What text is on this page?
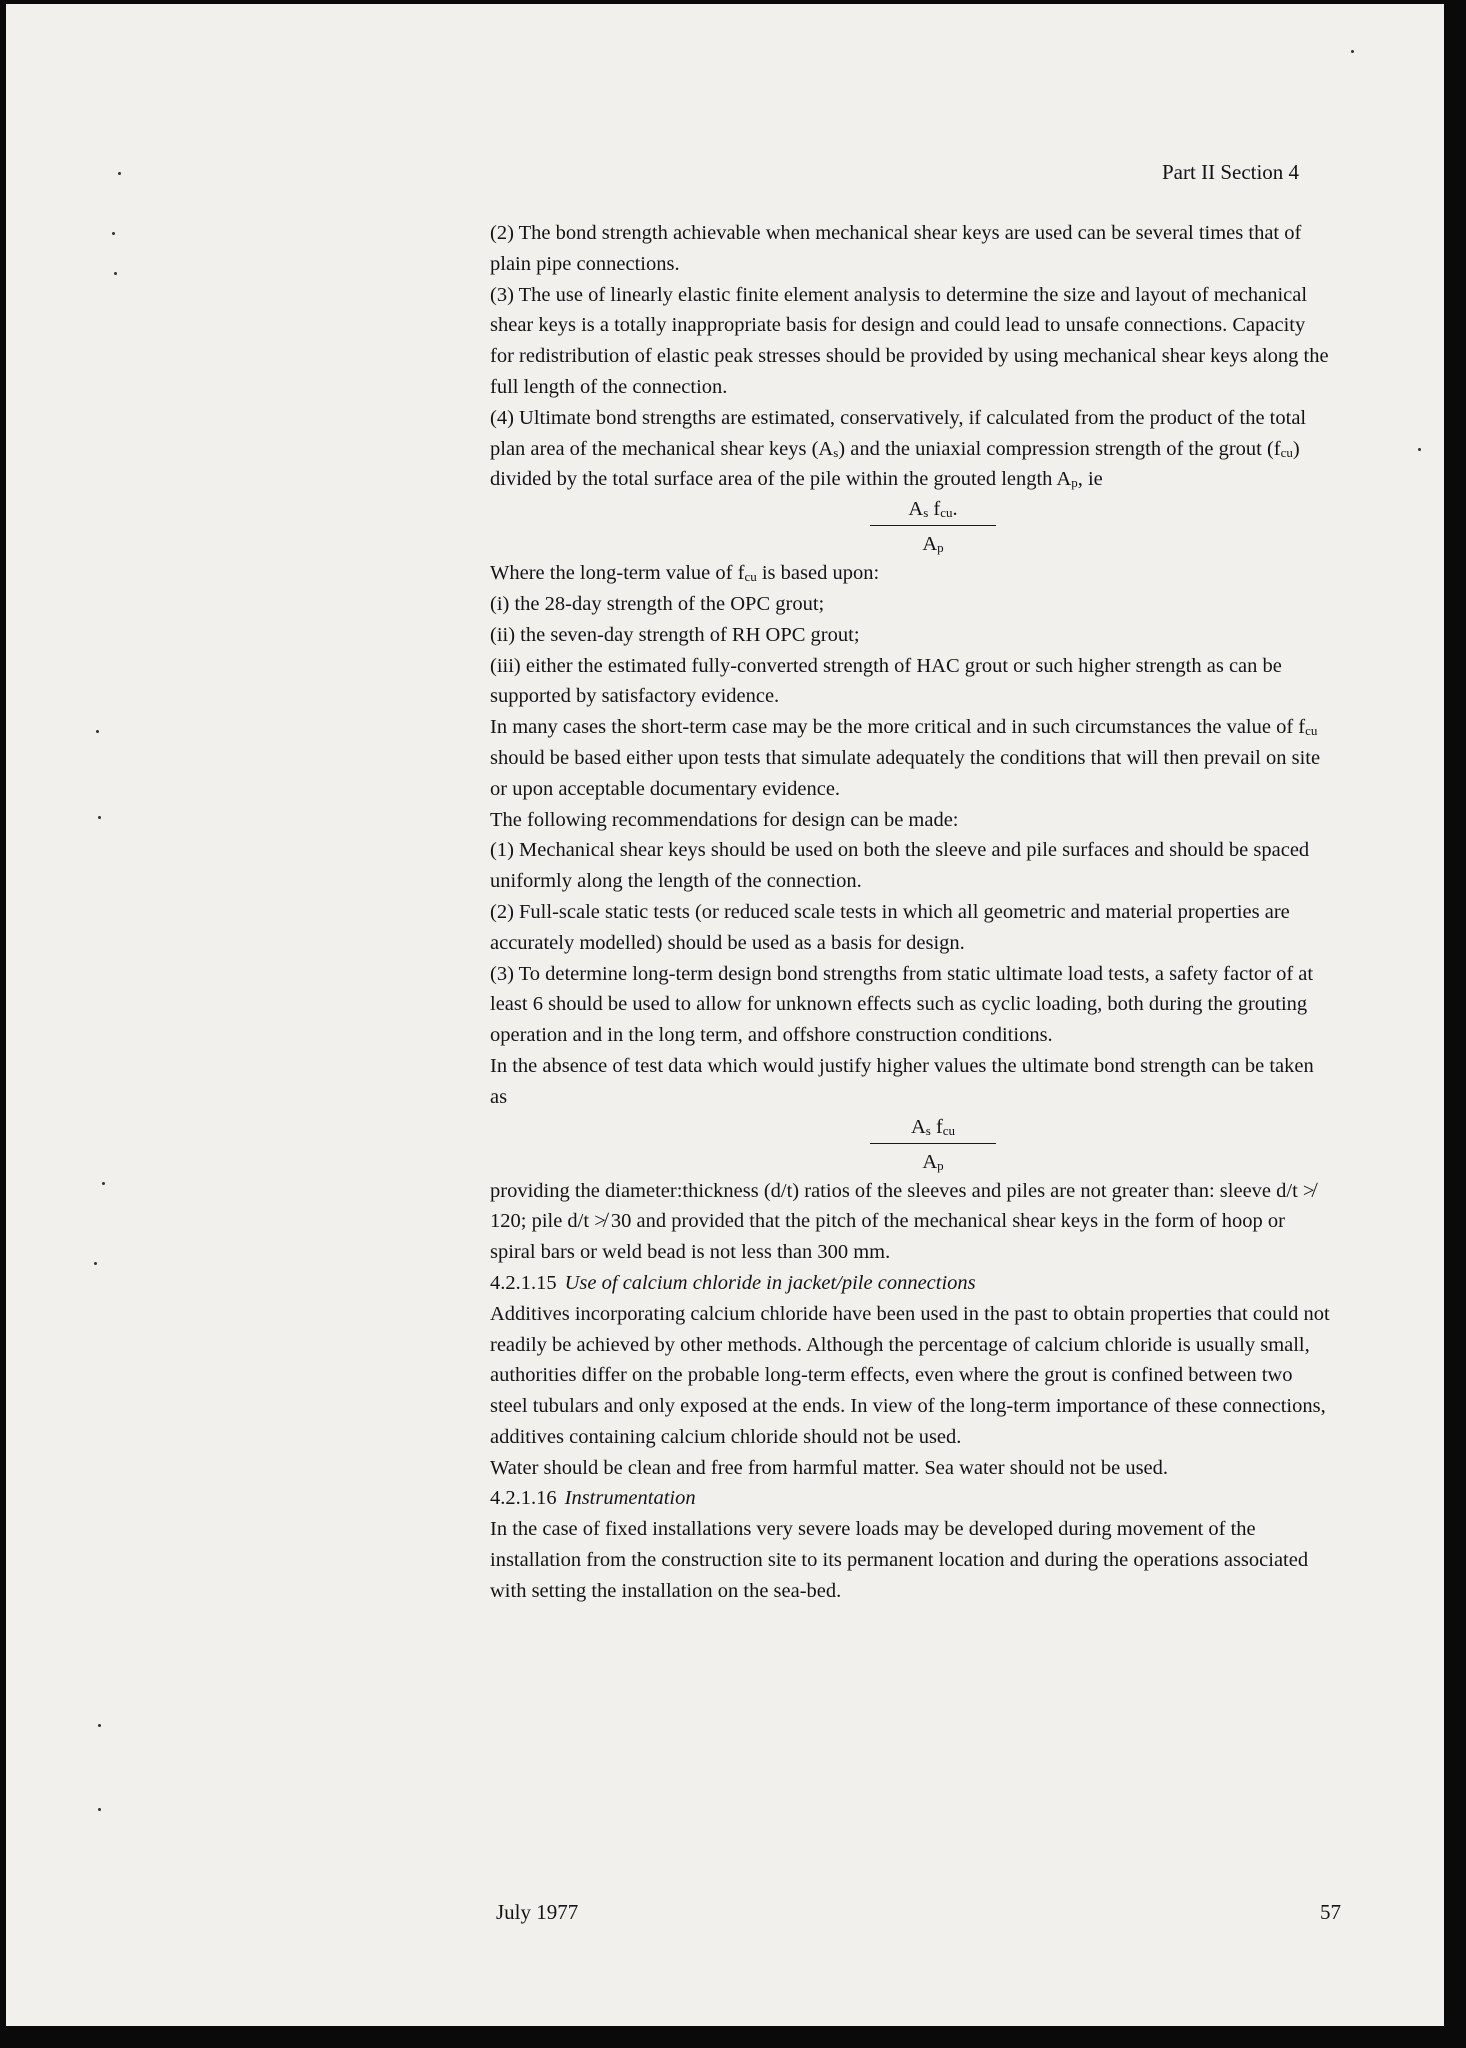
Part II Section 4

(2) The bond strength achievable when mechanical shear keys are used can be several times that of plain pipe connections.

(3) The use of linearly elastic finite element analysis to determine the size and layout of mechanical shear keys is a totally inappropriate basis for design and could lead to unsafe connections. Capacity for redistribution of elastic peak stresses should be provided by using mechanical shear keys along the full length of the connection.

(4) Ultimate bond strengths are estimated, conservatively, if calculated from the product of the total plan area of the mechanical shear keys $(A_s)$ and the uniaxial compression strength of the grout $(f_{cu})$ divided by the total surface area of the pile within the grouted length $A_p$, ie

$A_s$ $f_{cu}$.
$A_p$

Where the long-term value of $f_{cu}$ is based upon:

(i) the 28-day strength of the OPC grout;

(ii) the seven-day strength of RH OPC grout;

(iii) either the estimated fully-converted strength of HAC grout or such higher strength as can be supported by satisfactory evidence.

In many cases the short-term case may be the more critical and in such circumstances the value of $f_{cu}$ should be based either upon tests that simulate adequately the conditions that will then prevail on site or upon acceptable documentary evidence.

The following recommendations for design can be made:

(1) Mechanical shear keys should be used on both the sleeve and pile surfaces and should be spaced uniformly along the length of the connection.

(2) Full-scale static tests (or reduced scale tests in which all geometric and material properties are accurately modelled) should be used as a basis for design.

(3) To determine long-term design bond strengths from static ultimate load tests, a safety factor of at least 6 should be used to allow for unknown effects such as cyclic loading, both during the grouting operation and in the long term, and offshore construction conditions.

In the absence of test data which would justify higher values the ultimate bond strength can be taken as

$A_s$ $f_{cu}$
$A_p$

providing the diameter:thickness (d/t) ratios of the sleeves and piles are not greater than: sleeve d/t ≯ 120; pile d/t ≯ 30 and provided that the pitch of the mechanical shear keys in the form of hoop or spiral bars or weld bead is not less than 300 mm.

4.2.1.15 Use of calcium chloride in jacket/pile connections

Additives incorporating calcium chloride have been used in the past to obtain properties that could not readily be achieved by other methods. Although the percentage of calcium chloride is usually small, authorities differ on the probable long-term effects, even where the grout is confined between two steel tubulars and only exposed at the ends. In view of the long-term importance of these connections, additives containing calcium chloride should not be used.

Water should be clean and free from harmful matter. Sea water should not be used.

4.2.1.16 Instrumentation

In the case of fixed installations very severe loads may be developed during movement of the installation from the construction site to its permanent location and during the operations associated with setting the installation on the sea-bed.

July 1977	57
